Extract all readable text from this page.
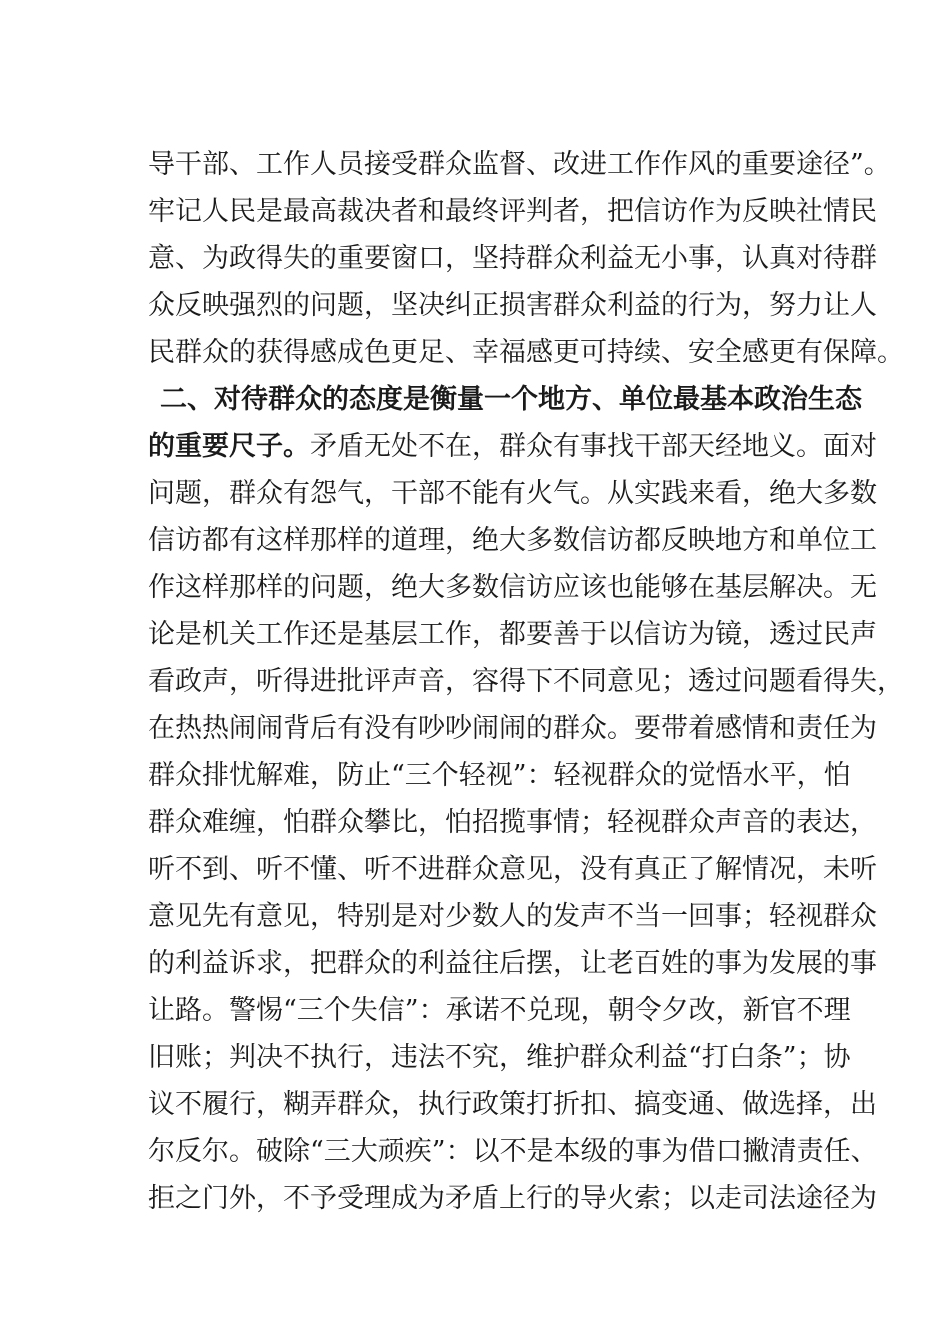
导干部、工作人员接受群众监督、改进工作作风的重要途径”。
牢记人民是最高裁决者和最终评判者，把信访作为反映社情民
意、为政得失的重要窗口，坚持群众利益无小事，认真对待群
众反映强烈的问题，坚决纠正损害群众利益的行为，努力让人
民群众的获得感成色更足、幸福感更可持续、安全感更有保障。
二、对待群众的态度是衡量一个地方、单位最基本政治生态
的重要尺子。矛盾无处不在，群众有事找干部天经地义。面对
问题，群众有怨气，干部不能有火气。从实践来看，绝大多数
信访都有这样那样的道理，绝大多数信访都反映地方和单位工
作这样那样的问题，绝大多数信访应该也能够在基层解决。无
论是机关工作还是基层工作，都要善于以信访为镜，透过民声
看政声，听得进批评声音，容得下不同意见；透过问题看得失，
在热热闹闹背后有没有吵吵闹闹的群众。要带着感情和责任为
群众排忧解难，防止“三个轻视”：轻视群众的觉悟水平，怕
群众难缠，怕群众攀比，怕招揽事情；轻视群众声音的表达，
听不到、听不懂、听不进群众意见，没有真正了解情况，未听
意见先有意见，特别是对少数人的发声不当一回事；轻视群众
的利益诉求，把群众的利益往后摆，让老百姓的事为发展的事
让路。警惕“三个失信”：承诺不兑现，朝令夕改，新官不理
旧账；判决不执行，违法不究，维护群众利益“打白条”；协
议不履行，糊弄群众，执行政策打折扣、搞变通、做选择，出
尔反尔。破除“三大顽疾”：以不是本级的事为借口撇清责任、
拒之门外，不予受理成为矛盾上行的导火索；以走司法途径为
